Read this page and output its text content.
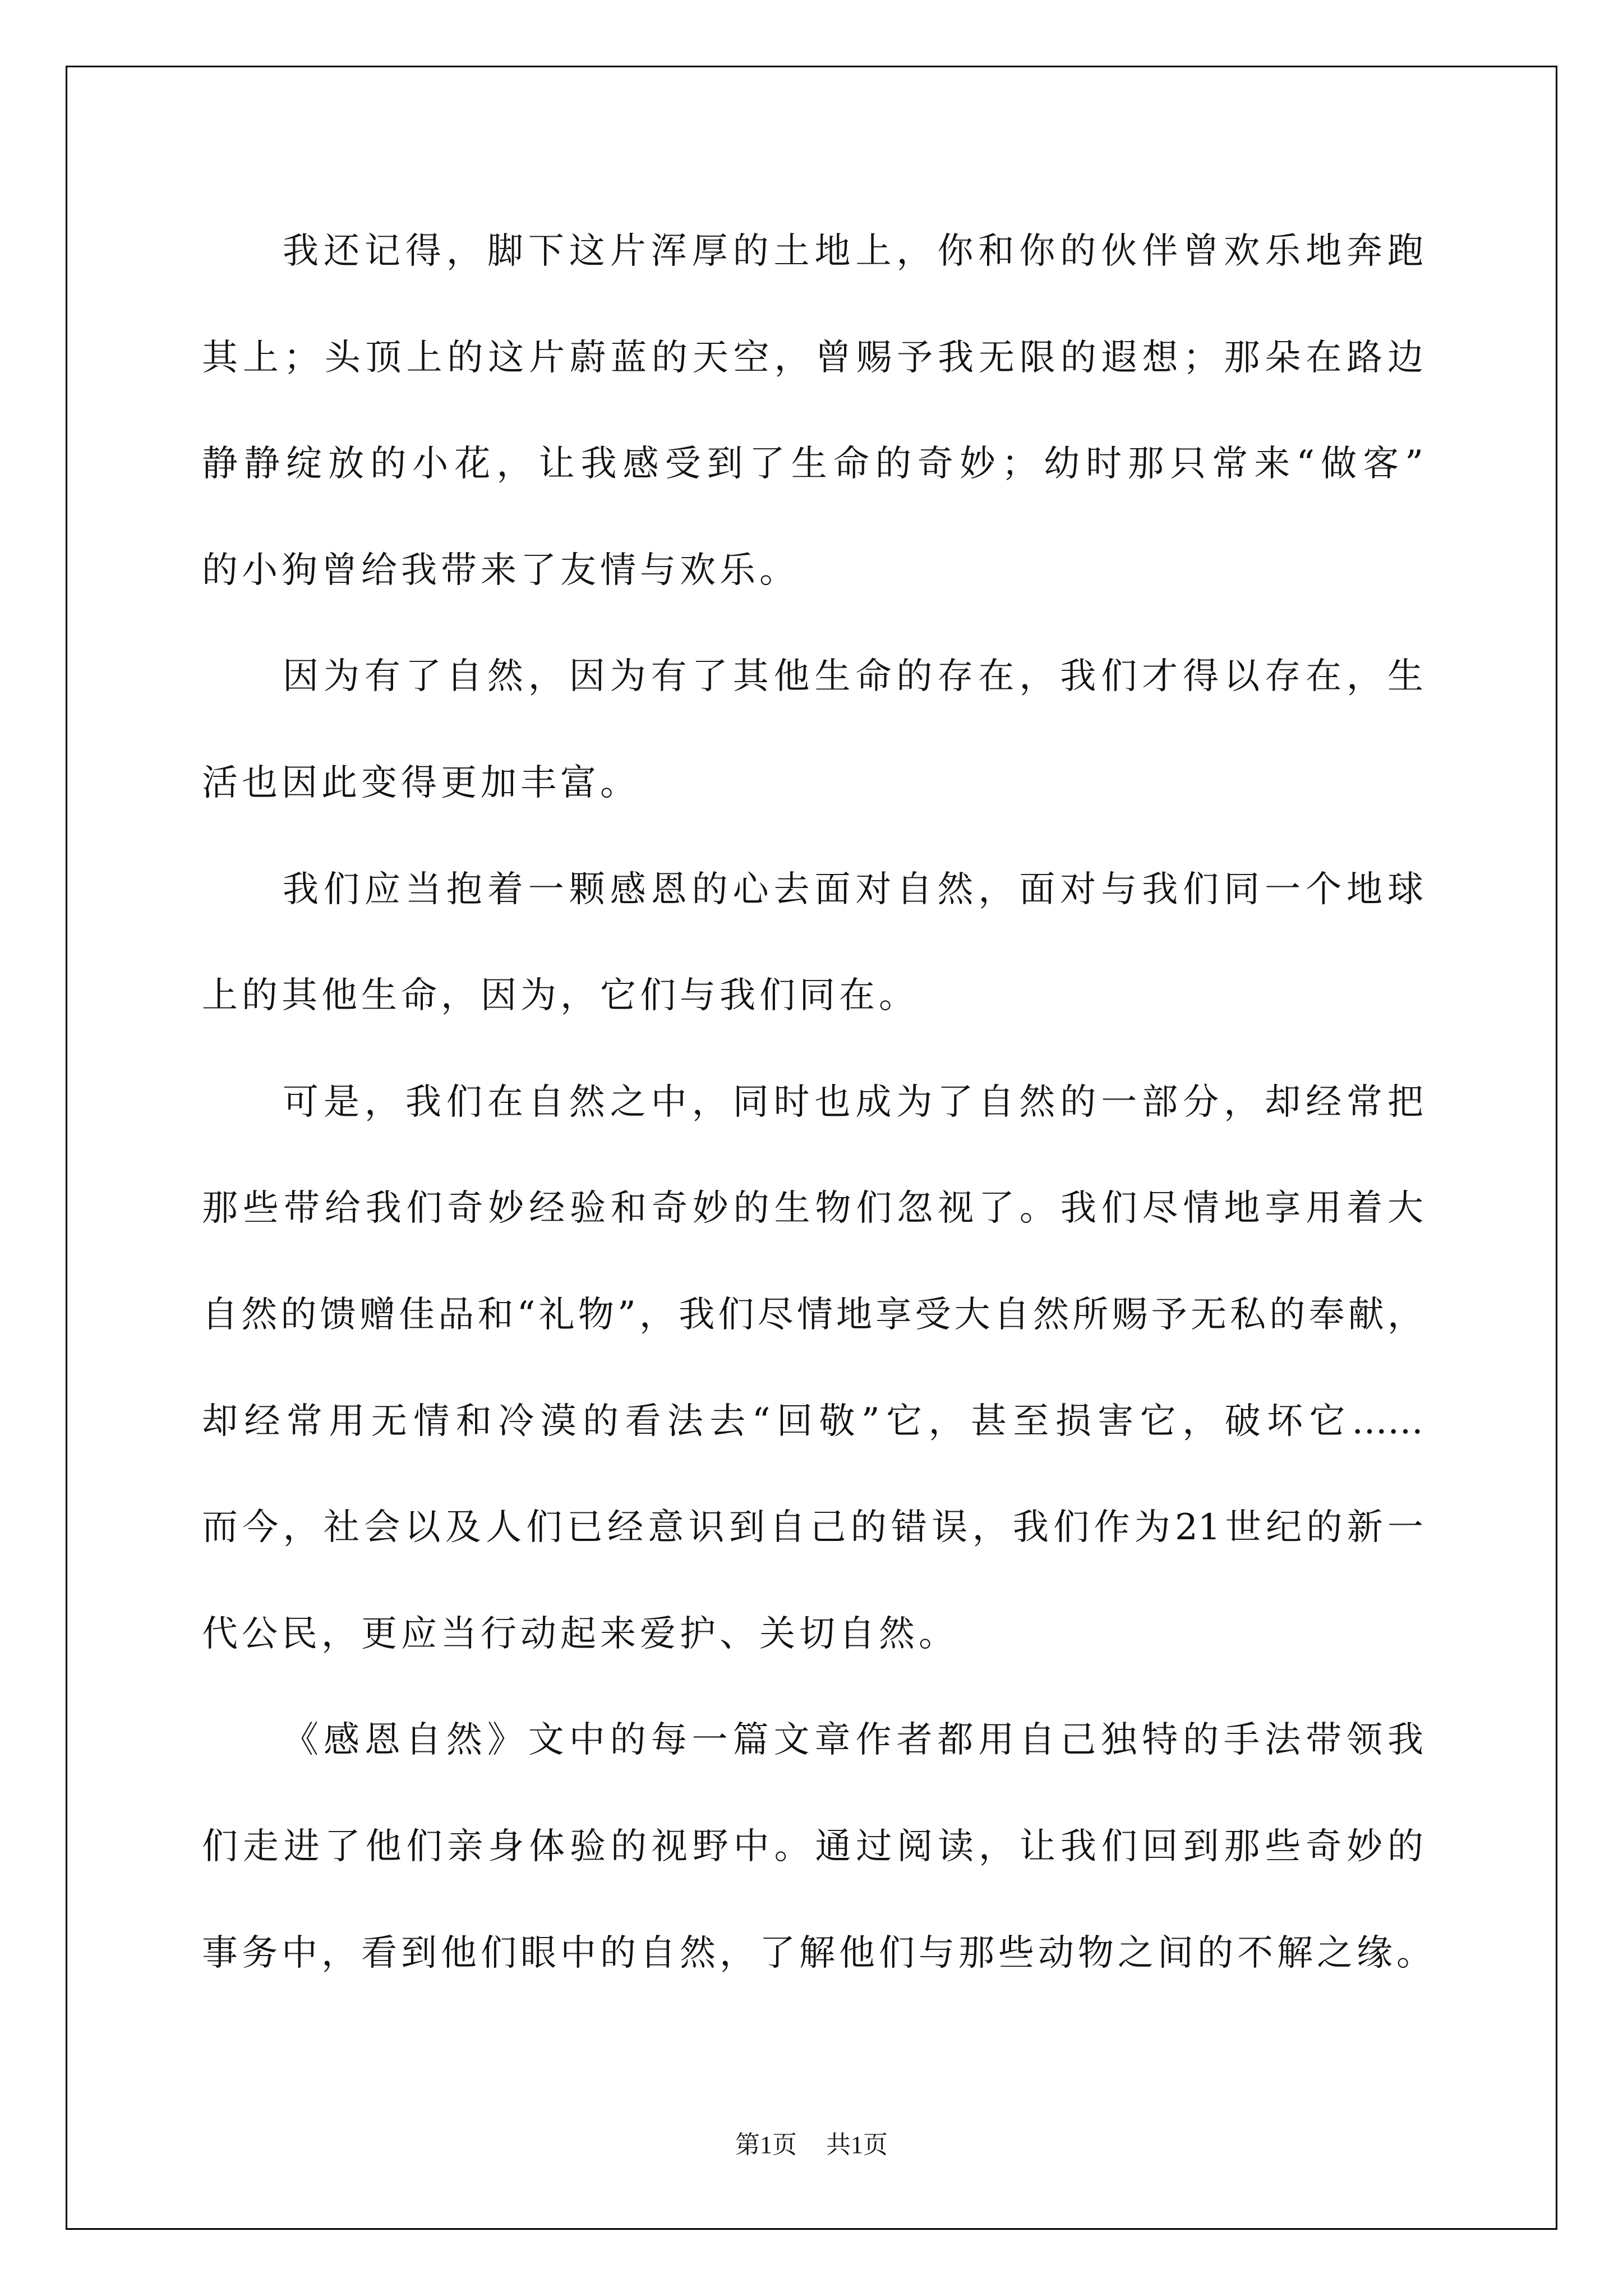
我还记得，脚下这片浑厚的土地上，你和你的伙伴曾欢乐地奔跑
其上；头顶上的这片蔚蓝的天空，曾赐予我无限的遐想；那朵在路边
静静绽放的小花，让我感受到了生命的奇妙；幼时那只常来“做客”
的小狗曾给我带来了友情与欢乐。
因为有了自然，因为有了其他生命的存在，我们才得以存在，生
活也因此变得更加丰富。
我们应当抱着一颗感恩的心去面对自然，面对与我们同一个地球
上的其他生命，因为，它们与我们同在。
可是，我们在自然之中，同时也成为了自然的一部分，却经常把
那些带给我们奇妙经验和奇妙的生物们忽视了。我们尽情地享用着大
自然的馈赠佳品和“礼物”，我们尽情地享受大自然所赐予无私的奉献，
却经常用无情和冷漠的看法去“回敬”它，甚至损害它，破坏它……
而今，社会以及人们已经意识到自己的错误，我们作为21世纪的新一
代公民，更应当行动起来爱护、关切自然。
《感恩自然》文中的每一篇文章作者都用自己独特的手法带领我
们走进了他们亲身体验的视野中。通过阅读，让我们回到那些奇妙的
事务中，看到他们眼中的自然，了解他们与那些动物之间的不解之缘。
第1页 共1页
